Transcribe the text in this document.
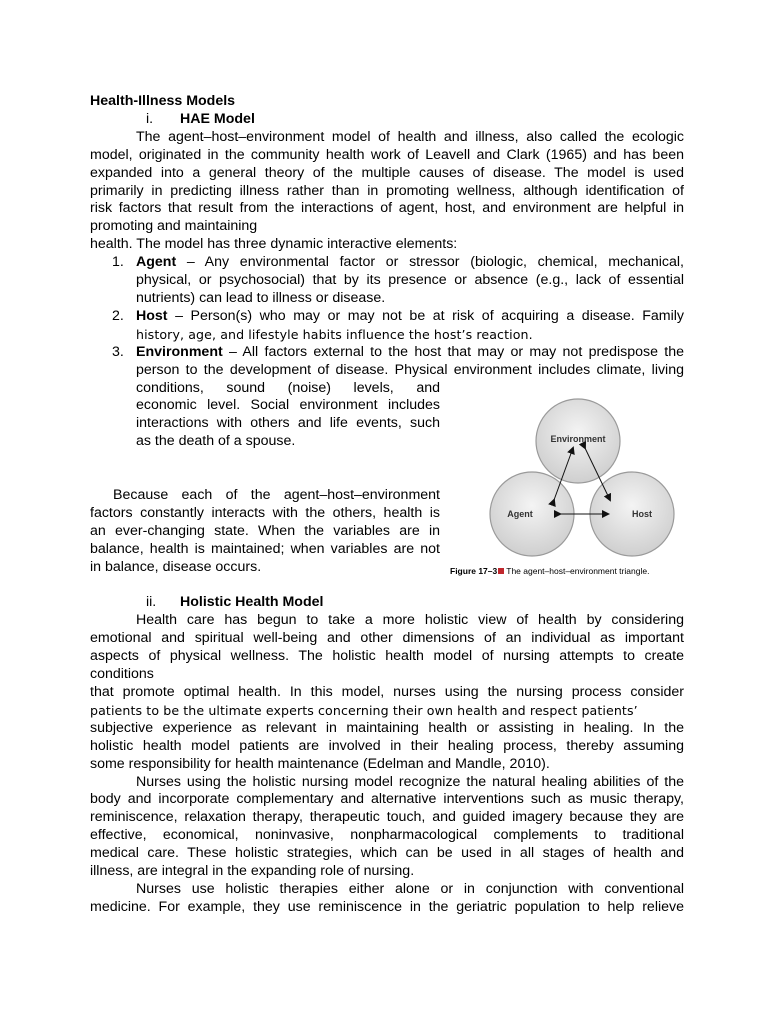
Health-Illness Models

i. HAE Model

The agent–host–environment model of health and illness, also called the ecologic

model, originated in the community health work of Leavell and Clark (1965) and has been

expanded into a general theory of the multiple causes of disease. The model is used

primarily in predicting illness rather than in promoting wellness, although identification of

risk factors that result from the interactions of agent, host, and environment are helpful in

promoting and maintaining

health. The model has three dynamic interactive elements:

1. Agent – Any environmental factor or stressor (biologic, chemical, mechanical,

physical, or psychosocial) that by its presence or absence (e.g., lack of essential

nutrients) can lead to illness or disease.

2. Host – Person(s) who may or may not be at risk of acquiring a disease. Family

history, age, and lifestyle habits influence the host’s reaction.

3. Environment – All factors external to the host that may or may not predispose the

person to the development of disease. Physical environment includes climate, living

conditions, sound (noise) levels, and

economic level. Social environment includes

interactions with others and life events, such

as the death of a spouse.

Because each of the agent–host–environment

factors constantly interacts with the others, health is

an ever-changing state. When the variables are in

balance, health is maintained; when variables are not

in balance, disease occurs.

ii. Holistic Health Model

Health care has begun to take a more holistic view of health by considering

emotional and spiritual well-being and other dimensions of an individual as important

aspects of physical wellness. The holistic health model of nursing attempts to create

conditions

that promote optimal health. In this model, nurses using the nursing process consider

patients to be the ultimate experts concerning their own health and respect patients’

subjective experience as relevant in maintaining health or assisting in healing. In the

holistic health model patients are involved in their healing process, thereby assuming

some responsibility for health maintenance (Edelman and Mandle, 2010).

Nurses using the holistic nursing model recognize the natural healing abilities of the

body and incorporate complementary and alternative interventions such as music therapy,

reminiscence, relaxation therapy, therapeutic touch, and guided imagery because they are

effective, economical, noninvasive, nonpharmacological complements to traditional

medical care. These holistic strategies, which can be used in all stages of health and

illness, are integral in the expanding role of nursing.

Nurses use holistic therapies either alone or in conjunction with conventional

medicine. For example, they use reminiscence in the geriatric population to help relieve

Environment
Agent	Host
Figure 17–3 The agent–host–environment triangle.
